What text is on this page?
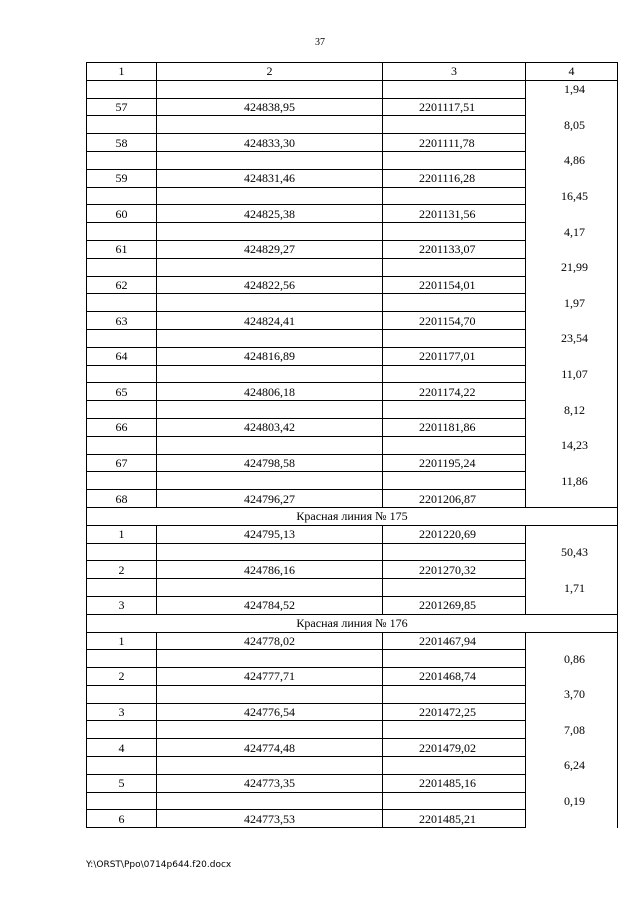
37
1	2	3	4
			1,94
57	424838,95	2201117,51	
			8,05
58	424833,30	2201111,78	
			4,86
59	424831,46	2201116,28	
			16,45
60	424825,38	2201131,56	
			4,17
61	424829,27	2201133,07	
			21,99
62	424822,56	2201154,01	
			1,97
63	424824,41	2201154,70	
			23,54
64	424816,89	2201177,01	
			11,07
65	424806,18	2201174,22	
			8,12
66	424803,42	2201181,86	
			14,23
67	424798,58	2201195,24	
			11,86
68	424796,27	2201206,87	
Красная линия № 175			
1	424795,13	2201220,69	
			50,43
2	424786,16	2201270,32	
			1,71
3	424784,52	2201269,85	
Красная линия № 176			
1	424778,02	2201467,94	
			0,86
2	424777,71	2201468,74	
			3,70
3	424776,54	2201472,25	
			7,08
4	424774,48	2201479,02	
			6,24
5	424773,35	2201485,16	
			0,19
6	424773,53	2201485,21	
Y:\ORST\Ppo\0714p644.f20.docx
